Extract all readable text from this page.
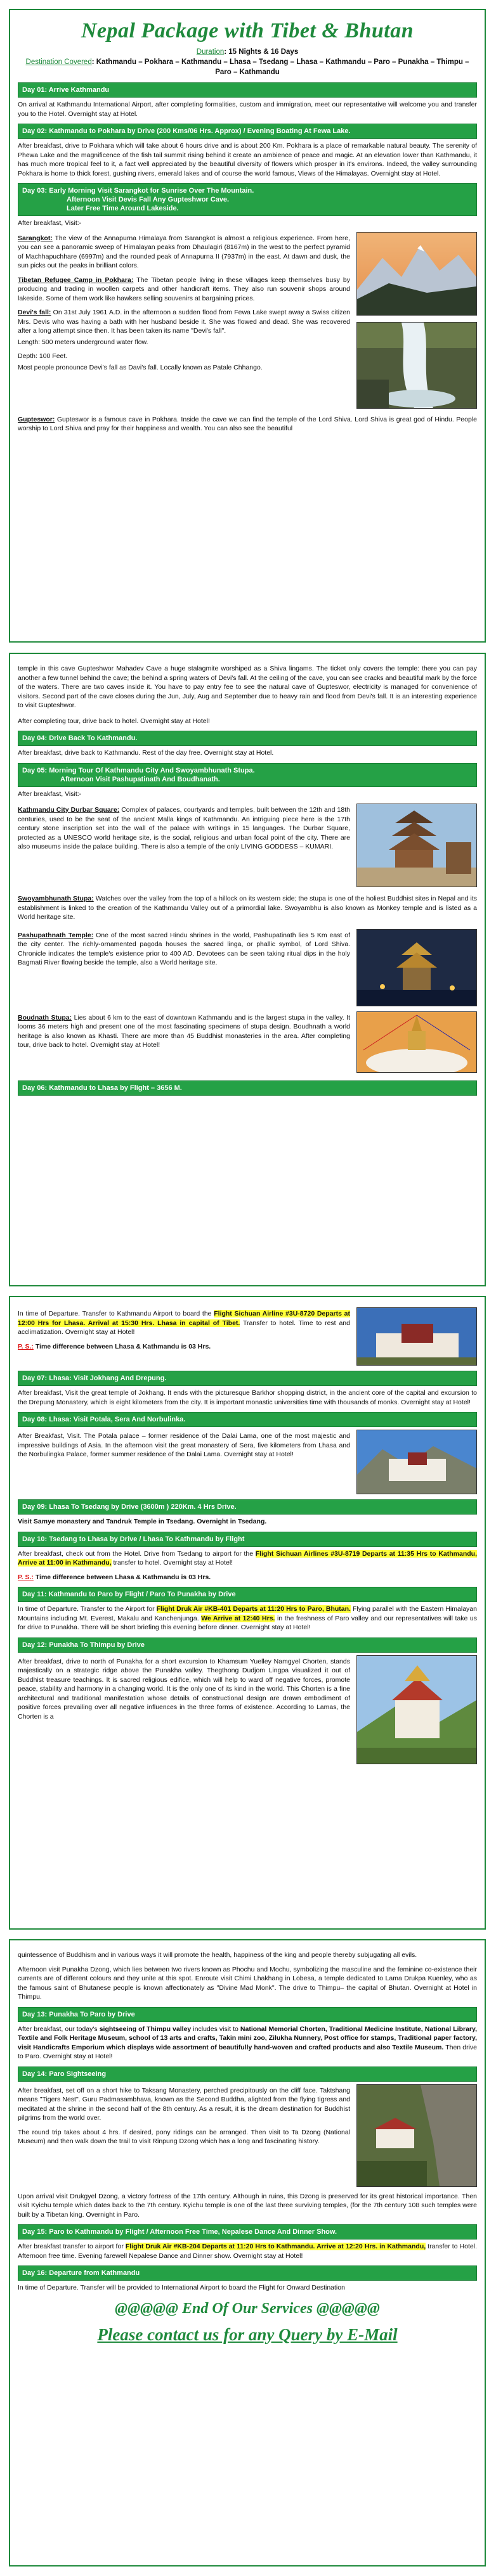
Nepal Package with Tibet & Bhutan
Duration: 15 Nights & 16 Days
Destination Covered: Kathmandu – Pokhara – Kathmandu – Lhasa – Tsedang – Lhasa – Kathmandu – Paro – Punakha – Thimpu – Paro – Kathmandu
Day 01: Arrive Kathmandu
On arrival at Kathmandu International Airport, after completing formalities, custom and immigration, meet our representative will welcome you and transfer you to the Hotel. Overnight stay at Hotel.
Day 02: Kathmandu to Pokhara by Drive (200 Kms/06 Hrs. Approx) / Evening Boating At Fewa Lake.
After breakfast, drive to Pokhara which will take about 6 hours drive and is about 200 Km. Pokhara is a place of remarkable natural beauty. The serenity of Phewa Lake and the magnificence of the fish tail summit rising behind it create an ambience of peace and magic. At an elevation lower than Kathmandu, it has much more tropical feel to it, a fact well appreciated by the beautiful diversity of flowers which prosper in it's environs. Indeed, the valley surrounding Pokhara is home to thick forest, gushing rivers, emerald lakes and of course the world famous, Views of the Himalayas. Overnight stay at Hotel.
Day 03: Early Morning Visit Sarangkot for Sunrise Over The Mountain.
Afternoon Visit Devis Fall Any Gupteshwor Cave.
Later Free Time Around Lakeside.
After breakfast, Visit:-
Sarangkot: The view of the Annapurna Himalaya from Sarangkot is almost a religious experience. From here, you can see a panoramic sweep of Himalayan peaks from Dhaulagiri (8167m) in the west to the perfect pyramid of Machhapuchhare (6997m) and the rounded peak of Annapurna II (7937m) in the east. At dawn and dusk, the sun picks out the peaks in brilliant colors.
Tibetan Refugee Camp in Pokhara: The Tibetan people living in these villages keep themselves busy by producing and trading in woollen carpets and other handicraft items. They also run souvenir shops around lakeside. Some of them work like hawkers selling souvenirs at bargaining prices.
Devi's fall: On 31st July 1961 A.D. in the afternoon a sudden flood from Fewa Lake swept away a Swiss citizen Mrs. Devis who was having a bath with her husband beside it. She was flowed and dead. She was recovered after a long attempt since then. It has been taken its name "Devi's fall".
Length: 500 meters underground water flow.
Depth: 100 Feet.
Most people pronounce Devi's fall as Davi's fall. Locally known as Patale Chhango.
Gupteswor: Gupteswor is a famous cave in Pokhara. Inside the cave we can find the temple of the Lord Shiva. Lord Shiva is great god of Hindu. People worship to Lord Shiva and pray for their happiness and wealth. You can also see the beautiful
temple in this cave Gupteshwor Mahadev Cave a huge stalagmite worshiped as a Shiva lingams. The ticket only covers the temple: there you can pay another a few tunnel behind the cave; the behind a spring waters of Devi's fall. At the ceiling of the cave, you can see cracks and beautiful mark by the force of the waters. There are two caves inside it. You have to pay entry fee to see the natural cave of Gupteswor, electricity is managed for convenience of visitors. Second part of the cave closes during the Jun, July, Aug and September due to heavy rain and flood from Devi's fall. It is an interesting experience to visit Gupteshwor.
After completing tour, drive back to hotel. Overnight stay at Hotel!
Day 04: Drive Back To Kathmandu.
After breakfast, drive back to Kathmandu. Rest of the day free. Overnight stay at Hotel.
Day 05: Morning Tour Of Kathmandu City And Swoyambhunath Stupa.
Afternoon Visit Pashupatinath And Boudhanath.
After breakfast, Visit:-
Kathmandu City Durbar Square: Complex of palaces, courtyards and temples, built between the 12th and 18th centuries, used to be the seat of the ancient Malla kings of Kathmandu. An intriguing piece here is the 17th century stone inscription set into the wall of the palace with writings in 15 languages. The Durbar Square, protected as a UNESCO world heritage site, is the social, religious and urban focal point of the city. There are also museums inside the palace building. There is also a temple of the only LIVING GODDESS – KUMARI.
Swoyambhunath Stupa: Watches over the valley from the top of a hillock on its western side; the stupa is one of the holiest Buddhist sites in Nepal and its establishment is linked to the creation of the Kathmandu Valley out of a primordial lake. Swoyambhu is also known as Monkey temple and is listed as a World heritage site.
Pashupathnath Temple: One of the most sacred Hindu shrines in the world, Pashupatinath lies 5 Km east of the city center. The richly-ornamented pagoda houses the sacred linga, or phallic symbol, of Lord Shiva. Chronicle indicates the temple's existence prior to 400 AD. Devotees can be seen taking ritual dips in the holy Bagmati River flowing beside the temple, also a World heritage site.
Boudnath Stupa: Lies about 6 km to the east of downtown Kathmandu and is the largest stupa in the valley. It looms 36 meters high and present one of the most fascinating specimens of stupa design. Boudhnath a world heritage is also known as Khasti. There are more than 45 Buddhist monasteries in the area. After completing tour, drive back to hotel. Overnight stay at Hotel!
Day 06: Kathmandu to Lhasa by Flight – 3656 M.
In time of Departure. Transfer to Kathmandu Airport to board the Flight Sichuan Airline #3U-8720 Departs at 12:00 Hrs for Lhasa. Arrival at 15:30 Hrs. Lhasa in capital of Tibet. Transfer to hotel. Time to rest and acclimatization. Overnight stay at Hotel!
P. S.: Time difference between Lhasa & Kathmandu is 03 Hrs.
Day 07: Lhasa: Visit Jokhang And Drepung.
After breakfast, Visit the great temple of Jokhang. It ends with the picturesque Barkhor shopping district, in the ancient core of the capital and excursion to the Drepung Monastery, which is eight kilometers from the city. It is important monastic universities time with thousands of monks. Overnight stay at Hotel!
Day 08: Lhasa: Visit Potala, Sera And Norbulinka.
After Breakfast, Visit. The Potala palace – former residence of the Dalai Lama, one of the most majestic and impressive buildings of Asia. In the afternoon visit the great monastery of Sera, five kilometers from Lhasa and the Norbulingka Palace, former summer residence of the Dalai Lama. Overnight stay at Hotel!
Day 09: Lhasa To Tsedang by Drive (3600m ) 220Km. 4 Hrs Drive.
Visit Samye monastery and Tandruk Temple in Tsedang. Overnight in Tsedang.
Day 10: Tsedang to Lhasa by Drive / Lhasa To Kathmandu by Flight
After breakfast, check out from the Hotel. Drive from Tsedang to airport for the Flight Sichuan Airlines #3U-8719 Departs at 11:35 Hrs to Kathmandu, Arrive at 11:00 in Kathmandu, transfer to hotel. Overnight stay at Hotel!
P. S.: Time difference between Lhasa & Kathmandu is 03 Hrs.
Day 11: Kathmandu to Paro by Flight / Paro To Punakha by Drive
In time of Departure. Transfer to the Airport for Flight Druk Air #KB-401 Departs at 11:20 Hrs to Paro, Bhutan. Flying parallel with the Eastern Himalayan Mountains including Mt. Everest, Makalu and Kanchenjunga. We Arrive at 12:40 Hrs. in the freshness of Paro valley and our representatives will take us for drive to Punakha. There will be short briefing this evening before dinner. Overnight stay at Hotel!
Day 12: Punakha To Thimpu by Drive
After breakfast, drive to north of Punakha for a short excursion to Khamsum Yuelley Namgyel Chorten, stands majestically on a strategic ridge above the Punakha valley. Thegthong Dudjom Lingpa visualized it out of Buddhist treasure teachings. It is sacred religious edifice, which will help to ward off negative forces, promote peace, stability and harmony in a changing world. It is the only one of its kind in the world. This Chorten is a fine architectural and traditional manifestation whose details of constructional design are drawn embodiment of positive forces prevailing over all negative influences in the three forms of existence. According to Lamas, the Chorten is a
quintessence of Buddhism and in various ways it will promote the health, happiness of the king and people thereby subjugating all evils.
Afternoon visit Punakha Dzong, which lies between two rivers known as Phochu and Mochu, symbolizing the masculine and the feminine co-existence their currents are of different colours and they unite at this spot. Enroute visit Chimi Lhakhang in Lobesa, a temple dedicated to Lama Drukpa Kuenley, who as the famous saint of Bhutanese people is known affectionately as "Divine Mad Monk". The drive to Thimpu– the capital of Bhutan. Overnight at Hotel in Thimpu.
Day 13: Punakha To Paro by Drive
After breakfast, our today's sightseeing of Thimpu valley includes visit to National Memorial Chorten, Traditional Medicine Institute, National Library, Textile and Folk Heritage Museum, school of 13 arts and crafts, Takin mini zoo, Zilukha Nunnery, Post office for stamps, Traditional paper factory, visit Handicrafts Emporium which displays wide assortment of beautifully hand-woven and crafted products and also Textile Museum. Then drive to Paro. Overnight stay at Hotel!
Day 14: Paro Sightseeing
After breakfast, set off on a short hike to Taksang Monastery, perched precipitously on the cliff face. Taktshang means "Tigers Nest". Guru Padmasambhava, known as the Second Buddha, alighted from the flying tigress and meditated at the shrine in the second half of the 8th century. As a result, it is the dream destination for Buddhist pilgrims from the world over.
The round trip takes about 4 hrs. If desired, pony ridings can be arranged. Then visit to Ta Dzong (National Museum) and then walk down the trail to visit Rinpung Dzong which has a long and fascinating history.
Upon arrival visit Drukgyel Dzong, a victory fortress of the 17th century. Although in ruins, this Dzong is preserved for its great historical importance. Then visit Kyichu temple which dates back to the 7th century. Kyichu temple is one of the last three surviving temples, (for the 7th century 108 such temples were built by a Tibetan king. Overnight in Paro.
Day 15: Paro to Kathmandu by Flight / Afternoon Free Time, Nepalese Dance And Dinner Show.
After breakfast transfer to airport for Flight Druk Air #KB-204 Departs at 11:20 Hrs to Kathmandu. Arrive at 12:20 Hrs. in Kathmandu, transfer to Hotel. Afternoon free time. Evening farewell Nepalese Dance and Dinner show. Overnight stay at Hotel!
Day 16: Departure from Kathmandu
In time of Departure. Transfer will be provided to International Airport to board the Flight for Onward Destination
@@@@@ End Of Our Services @@@@@
Please contact us for any Query by E-Mail
